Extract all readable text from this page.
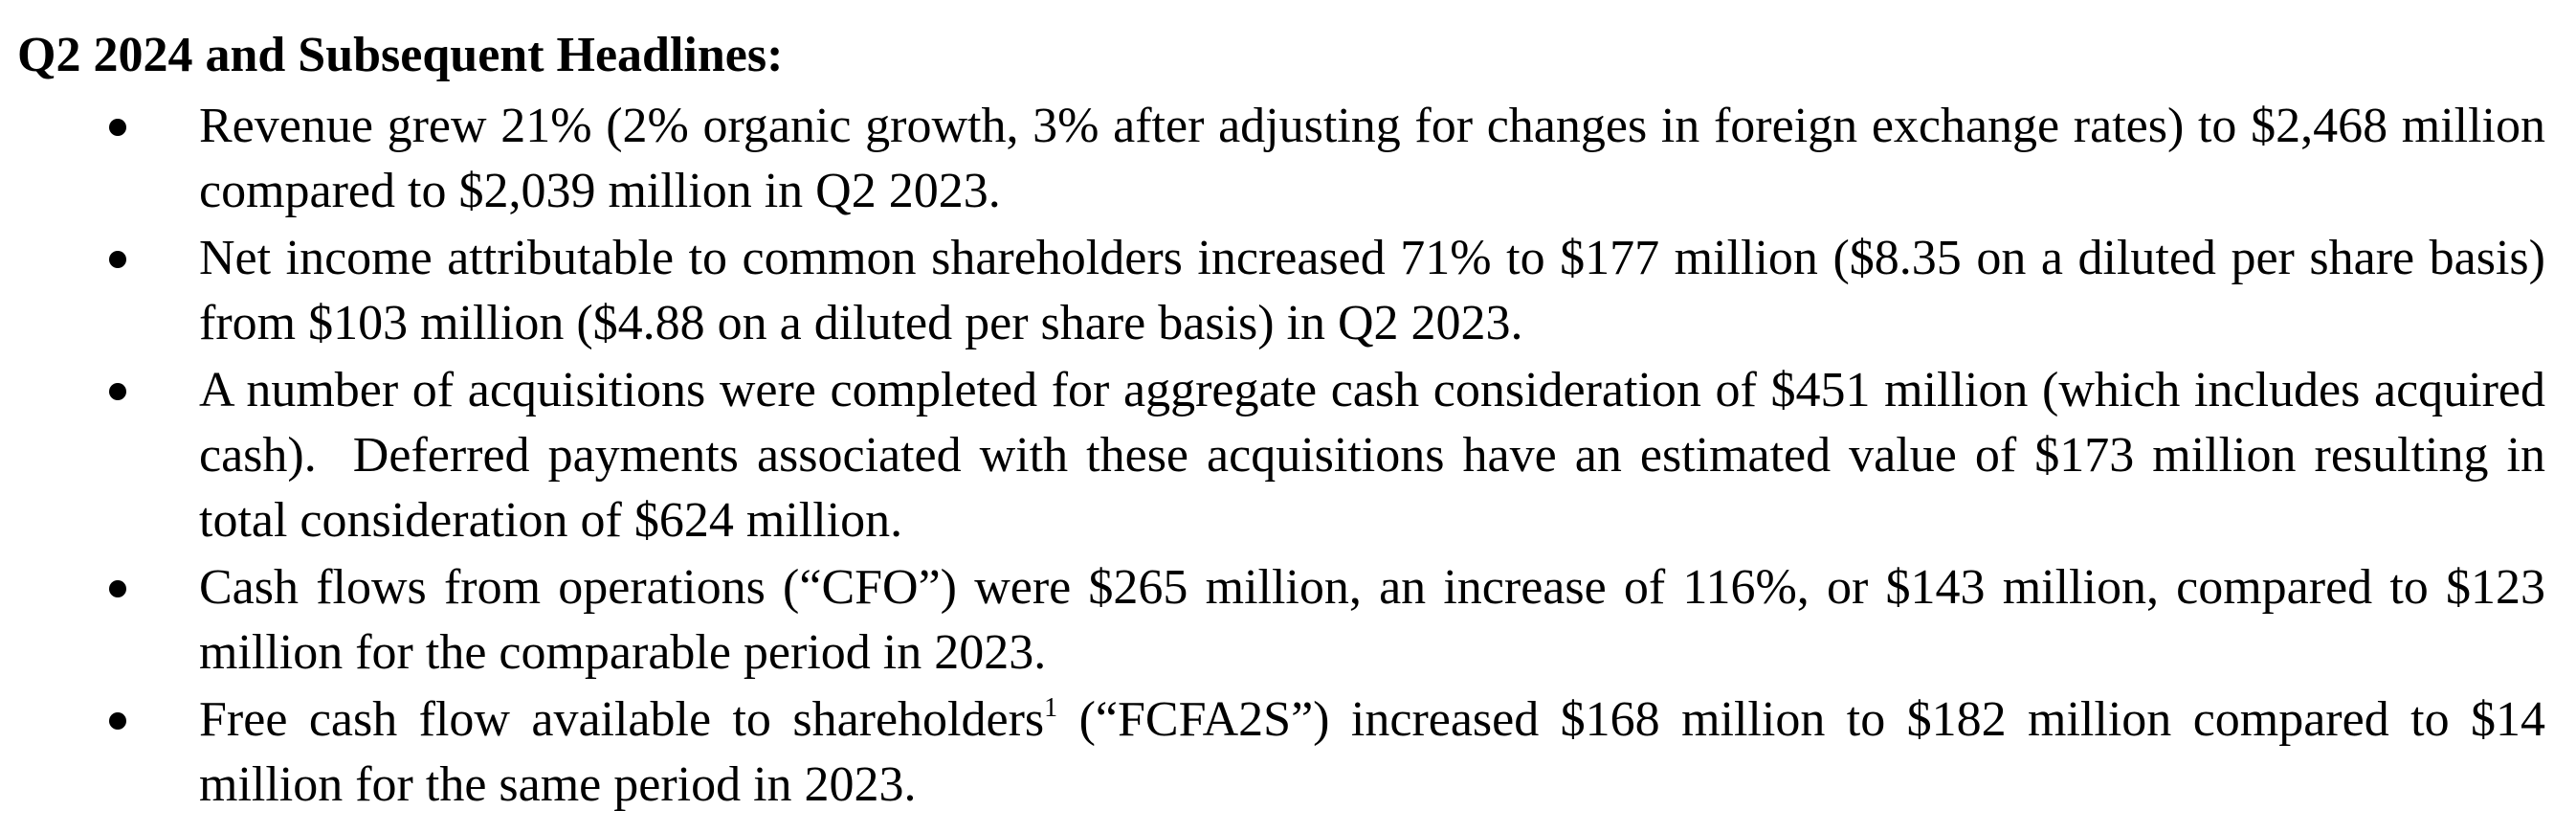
Q2 2024 and Subsequent Headlines:
Revenue grew 21% (2% organic growth, 3% after adjusting for changes in foreign exchange rates) to $2,468 million compared to $2,039 million in Q2 2023.
Net income attributable to common shareholders increased 71% to $177 million ($8.35 on a diluted per share basis) from $103 million ($4.88 on a diluted per share basis) in Q2 2023.
A number of acquisitions were completed for aggregate cash consideration of $451 million (which includes acquired cash).  Deferred payments associated with these acquisitions have an estimated value of $173 million resulting in total consideration of $624 million.
Cash flows from operations (“CFO”) were $265 million, an increase of 116%, or $143 million, compared to $123 million for the comparable period in 2023.
Free cash flow available to shareholders$^1$ (“FCFA2S”) increased $168 million to $182 million compared to $14 million for the same period in 2023.
